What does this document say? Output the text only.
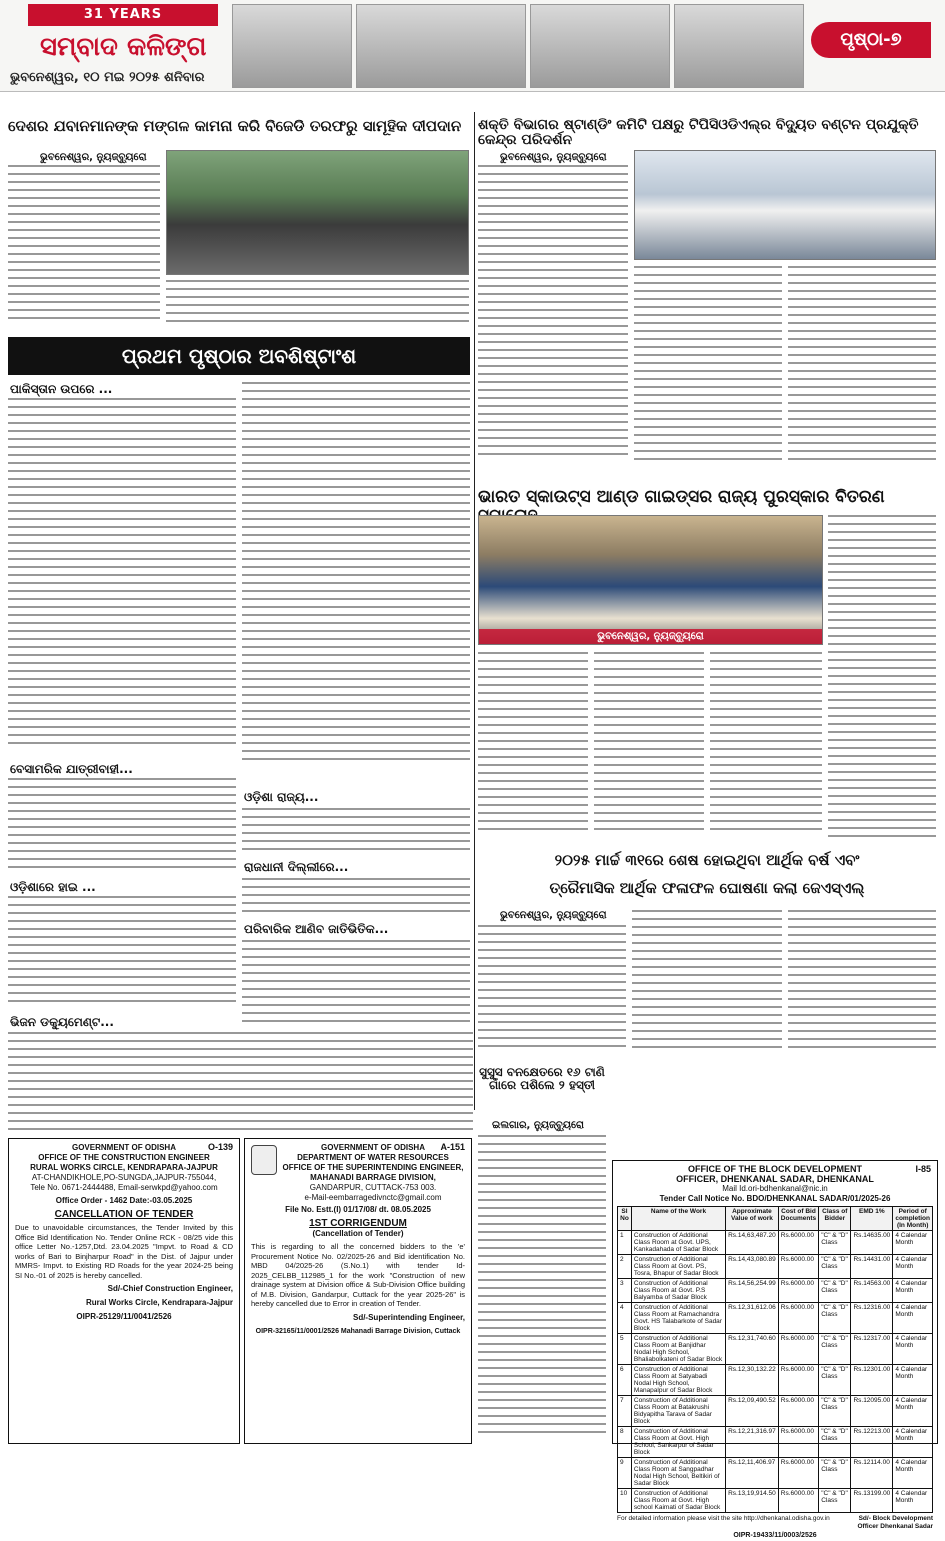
31 YEARS
ସମ୍ବାଦ କଳିଙ୍ଗ
ଭୁବନେଶ୍ୱର, ୧୦ ମଇ ୨୦୨୫ ଶନିବାର
ପୃଷ୍ଠା-୭
ଦେଶର ଯବାନମାନଙ୍କ ମଙ୍ଗଳ କାମନା କରି ବିଜେଡି ତରଫରୁ ସାମୂହିକ ଦୀପଦାନ
ଭୁବନେଶ୍ୱର, ନ୍ୟୁଜ୍‌ବ୍ୟୁରୋ
ଶକ୍ତି ବିଭାଗର ଷ୍ଟାଣ୍ଡିଂ କମିଟି ପକ୍ଷରୁ ଟିପିସିଓଡିଏଲ୍‌ର ବିଦ୍ୟୁତ ବଣ୍ଟନ ପ୍ରଯୁକ୍ତି କେନ୍ଦ୍ର ପରିଦର୍ଶନ
ଭୁବନେଶ୍ୱର, ନ୍ୟୁଜ୍‌ବ୍ୟୁରୋ
ପ୍ରଥମ ପୃଷ୍ଠାର ଅବଶିଷ୍ଟାଂଶ
ପାକିସ୍ତାନ ଉପରେ ...
ବେସାମରିକ ଯାତ୍ରୀବାହୀ...
ଓଡ଼ିଶାରେ ହାଇ ...
ଭିଜନ ଡକ୍ୟୁମେଣ୍ଟ...
ଓଡ଼ିଶା ରାଜ୍ୟ...
ରାଜଧାନୀ ଦିଲ୍ଲୀରେ...
ପରିବାରିକ ଆଣିବ ଜାତିଭିତିକ...
ଭାରତ ସ୍କାଉଟ୍ସ ଆଣ୍ଡ ଗାଇଡ୍ସର ରାଜ୍ୟ ପୁରସ୍କାର ବିତରଣ
ଭୁବନେଶ୍ୱର, ନ୍ୟୁଜ୍‌ବ୍ୟୁରୋ
୨୦୨୫ ମାର୍ଚ୍ଚ ୩୧ରେ ଶେଷ ହୋଇଥିବା ଆର୍ଥିକ ବର୍ଷ ଏବଂ
ତ୍ରୈମାସିକ ଆର୍ଥିକ ଫଳାଫଳ ଘୋଷଣା କଲା ଜେଏସ୍‌ଏଲ୍
ଭୁବନେଶ୍ୱର, ନ୍ୟୁଜ୍‌ବ୍ୟୁରୋ
ସୁସୁସ ବନକ୍ଷେତରେ ୧୬ ଟାଣି ଗାଁରେ ପଶିଲେ ୨ ହସ୍ତୀ
ଇଲଗାର, ନ୍ୟୁଜ୍‌ବ୍ୟୁରୋ
O-139
GOVERNMENT OF ODISHA
OFFICE OF THE CONSTRUCTION ENGINEER
RURAL WORKS CIRCLE, KENDRAPARA-JAJPUR
AT-CHANDIKHOLE,PO-SUNGDA,JAJPUR-755044,
Tele No. 0671-2444488, Email-serwkpd@yahoo.com
Office Order - 1462 Date:-03.05.2025
CANCELLATION OF TENDER
Due to unavoidable circumstances, the Tender Invited by this Office Bid Identification No. Tender Online RCK - 08/25 vide this office Letter No.-1257,Dtd. 23.04.2025 "Impvt. to Road & CD works of Bari to Binjharpur Road" in the Dist. of Jajpur under MMRS- Impvt. to Existing RD Roads for the year 2024-25 being SI No.-01 of 2025 is hereby cancelled.
Sd/-Chief Construction Engineer,
Rural Works Circle, Kendrapara-Jajpur
OIPR-25129/11/0041/2526
A-151
GOVERNMENT OF ODISHA
DEPARTMENT OF WATER RESOURCES
OFFICE OF THE SUPERINTENDING ENGINEER,
MAHANADI BARRAGE DIVISION,
GANDARPUR, CUTTACK-753 003.
e-Mail-eembarragedivnctc@gmail.com
File No. Estt.(I) 01/17/08/ dt. 08.05.2025
1ST CORRIGENDUM
(Cancellation of Tender)
This is regarding to all the concerned bidders to the 'e' Procurement Notice No. 02/2025-26 and Bid identification No. MBD 04/2025-26 (S.No.1) with tender Id- 2025_CELBB_112985_1 for the work "Construction of new drainage system at Division office & Sub-Division Office building of M.B. Division, Gandarpur, Cuttack for the year 2025-26" is hereby cancelled due to Error in creation of Tender.
Sd/-Superintending Engineer,
OIPR-32165/11/0001/2526 Mahanadi Barrage Division, Cuttack
I-85
OFFICE OF THE BLOCK DEVELOPMENT
OFFICER, DHENKANAL SADAR, DHENKANAL
Mail Id.ori-bdhenkanal@nic.in
Tender Call Notice No. BDO/DHENKANAL SADAR/01/2025-26
Sl No	Name of the Work	Approximate Value of work	Cost of Bid Documents	Class of Bidder	EMD 1%	Period of completion (In Month)
1	Construction of Additional Class Room at Govt. UPS, Kankadahada of Sadar Block	Rs.14,63,487.20	Rs.6000.00	"C" & "D" Class	Rs.14635.00	4 Calendar Month
2	Construction of Additional Class Room at Govt. PS, Tosra, Bhapur of Sadar Block	Rs.14,43,080.89	Rs.6000.00	"C" & "D" Class	Rs.14431.00	4 Calendar Month
3	Construction of Additional Class Room at Govt. P.S Balyamba of Sadar Block	Rs.14,56,254.99	Rs.6000.00	"C" & "D" Class	Rs.14563.00	4 Calendar Month
4	Construction of Additional Class Room at Ramachandra Govt. HS Talabarkote of Sadar Block	Rs.12,31,612.06	Rs.6000.00	"C" & "D" Class	Rs.12316.00	4 Calendar Month
5	Construction of Additional Class Room at Banjidhar Nodal High School, Bhaliabolkateni of Sadar Block	Rs.12,31,740.60	Rs.6000.00	"C" & "D" Class	Rs.12317.00	4 Calendar Month
6	Construction of Additional Class Room at Satyabadi Nodal High School, Manapalpur of Sadar Block	Rs.12,30,132.22	Rs.6000.00	"C" & "D" Class	Rs.12301.00	4 Calendar Month
7	Construction of Additional Class Room at Batakrushi Bidyapitha Tarava of Sadar Block	Rs.12,09,490.52	Rs.6000.00	"C" & "D" Class	Rs.12095.00	4 Calendar Month
8	Construction of Additional Class Room at Govt. High School, Sankarpur of Sadar Block	Rs.12,21,316.97	Rs.6000.00	"C" & "D" Class	Rs.12213.00	4 Calendar Month
9	Construction of Additional Class Room at Sangpadhar Nodal High School, Beltikiri of Sadar Block	Rs.12,11,406.97	Rs.6000.00	"C" & "D" Class	Rs.12114.00	4 Calendar Month
10	Construction of Additional Class Room at Govt. High school Kaimati of Sadar Block	Rs.13,19,914.50	Rs.6000.00	"C" & "D" Class	Rs.13199.00	4 Calendar Month
For detailed information please visit the site http://dhenkanal.odisha.gov.in	Sd/- Block Development Officer Dhenkanal Sadar
OIPR-19433/11/0003/2526
